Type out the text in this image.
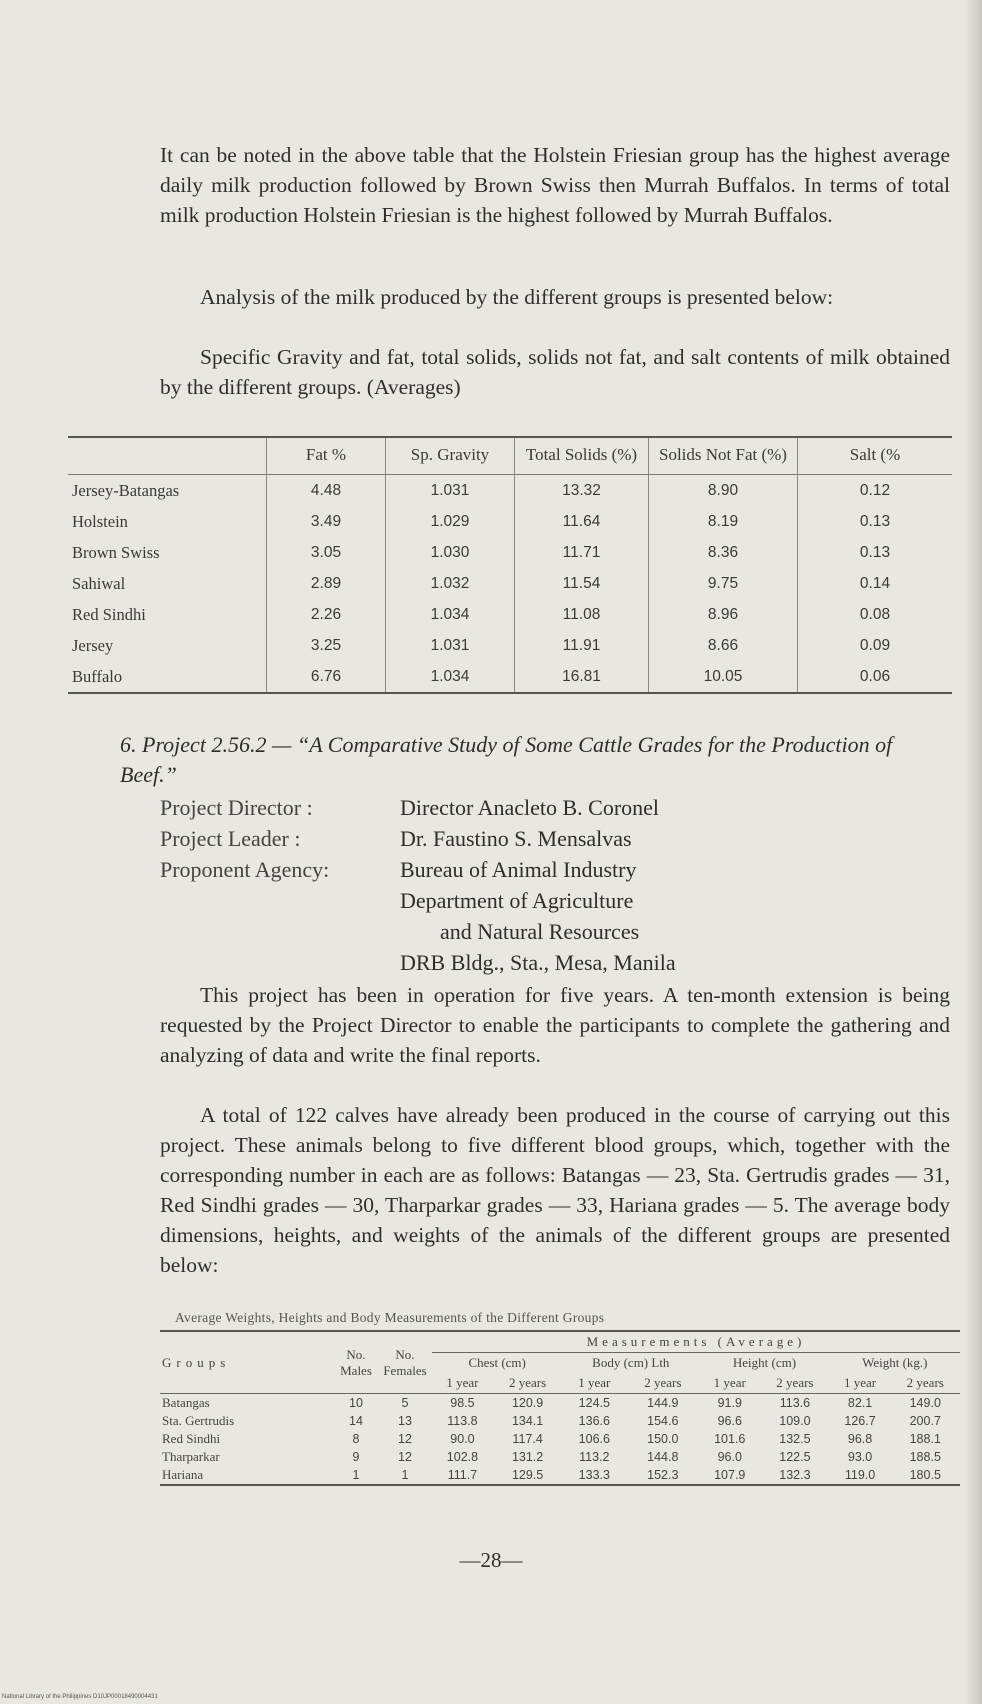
It can be noted in the above table that the Holstein Friesian group has the highest average daily milk production followed by Brown Swiss then Murrah Buffalos. In terms of total milk production Holstein Friesian is the highest followed by Murrah Buffalos.
Analysis of the milk produced by the different groups is presented below:
Specific Gravity and fat, total solids, solids not fat, and salt contents of milk obtained by the different groups. (Averages)
	Fat %	Sp. Gravity	Total Solids (%)	Solids Not Fat (%)	Salt (%
Jersey-Batangas	4.48	1.031	13.32	8.90	0.12
Holstein	3.49	1.029	11.64	8.19	0.13
Brown Swiss	3.05	1.030	11.71	8.36	0.13
Sahiwal	2.89	1.032	11.54	9.75	0.14
Red Sindhi	2.26	1.034	11.08	8.96	0.08
Jersey	3.25	1.031	11.91	8.66	0.09
Buffalo	6.76	1.034	16.81	10.05	0.06
6. Project 2.56.2 — “A Comparative Study of Some Cattle Grades for the Production of Beef.”
Project Director :	Director Anacleto B. Coronel
Project Leader :	Dr. Faustino S. Mensalvas
Proponent Agency:	Bureau of Animal Industry
Department of Agriculture
and Natural Resources
DRB Bldg., Sta., Mesa, Manila
This project has been in operation for five years. A ten-month extension is being requested by the Project Director to enable the participants to complete the gathering and analyzing of data and write the final reports.
A total of 122 calves have already been produced in the course of carrying out this project. These animals belong to five different blood groups, which, together with the corresponding number in each are as follows: Batangas — 23, Sta. Gertrudis grades — 31, Red Sindhi grades — 30, Tharparkar grades — 33, Hariana grades — 5. The average body dimensions, heights, and weights of the animals of the different groups are presented below:
Average Weights, Heights and Body Measurements of the Different Groups
Groups	No. Males	No. Females	Measurements (Average)							
			Chest (cm)		Body (cm) Lth		Height (cm)		Weight (kg.)	
			1 year	2 years	1 year	2 years	1 year	2 years	1 year	2 years
Batangas	10	5	98.5	120.9	124.5	144.9	91.9	113.6	82.1	149.0
Sta. Gertrudis	14	13	113.8	134.1	136.6	154.6	96.6	109.0	126.7	200.7
Red Sindhi	8	12	90.0	117.4	106.6	150.0	101.6	132.5	96.8	188.1
Tharparkar	9	12	102.8	131.2	113.2	144.8	96.0	122.5	93.0	188.5
Hariana	1	1	111.7	129.5	133.3	152.3	107.9	132.3	119.0	180.5
—28—
National Library of the Philippines D10JP00018490004431
